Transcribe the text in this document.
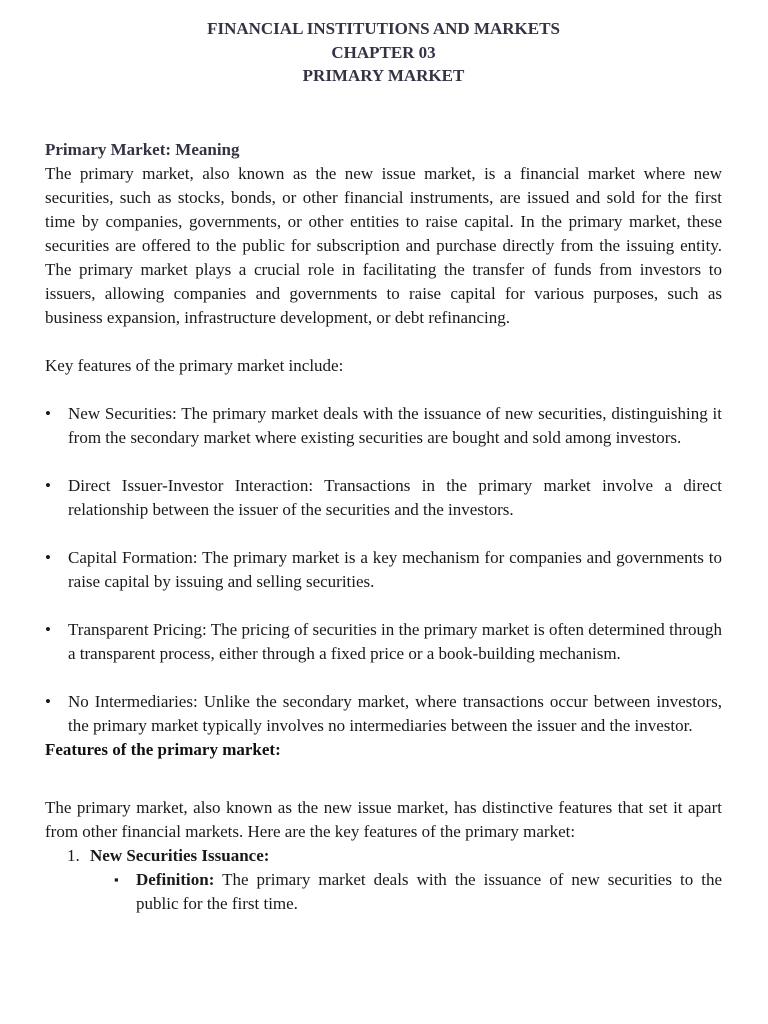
FINANCIAL INSTITUTIONS AND MARKETS
CHAPTER 03
PRIMARY MARKET
Primary Market: Meaning

The primary market, also known as the new issue market, is a financial market where new securities, such as stocks, bonds, or other financial instruments, are issued and sold for the first time by companies, governments, or other entities to raise capital. In the primary market, these securities are offered to the public for subscription and purchase directly from the issuing entity. The primary market plays a crucial role in facilitating the transfer of funds from investors to issuers, allowing companies and governments to raise capital for various purposes, such as business expansion, infrastructure development, or debt refinancing.

Key features of the primary market include:

• New Securities: The primary market deals with the issuance of new securities, distinguishing it from the secondary market where existing securities are bought and sold among investors.
• Direct Issuer-Investor Interaction: Transactions in the primary market involve a direct relationship between the issuer of the securities and the investors.
• Capital Formation: The primary market is a key mechanism for companies and governments to raise capital by issuing and selling securities.
• Transparent Pricing: The pricing of securities in the primary market is often determined through a transparent process, either through a fixed price or a book-building mechanism.
• No Intermediaries: Unlike the secondary market, where transactions occur between investors, the primary market typically involves no intermediaries between the issuer and the investor.
Features of the primary market:

The primary market, also known as the new issue market, has distinctive features that set it apart from other financial markets. Here are the key features of the primary market:

1. New Securities Issuance:
▪ Definition: The primary market deals with the issuance of new securities to the public for the first time.
